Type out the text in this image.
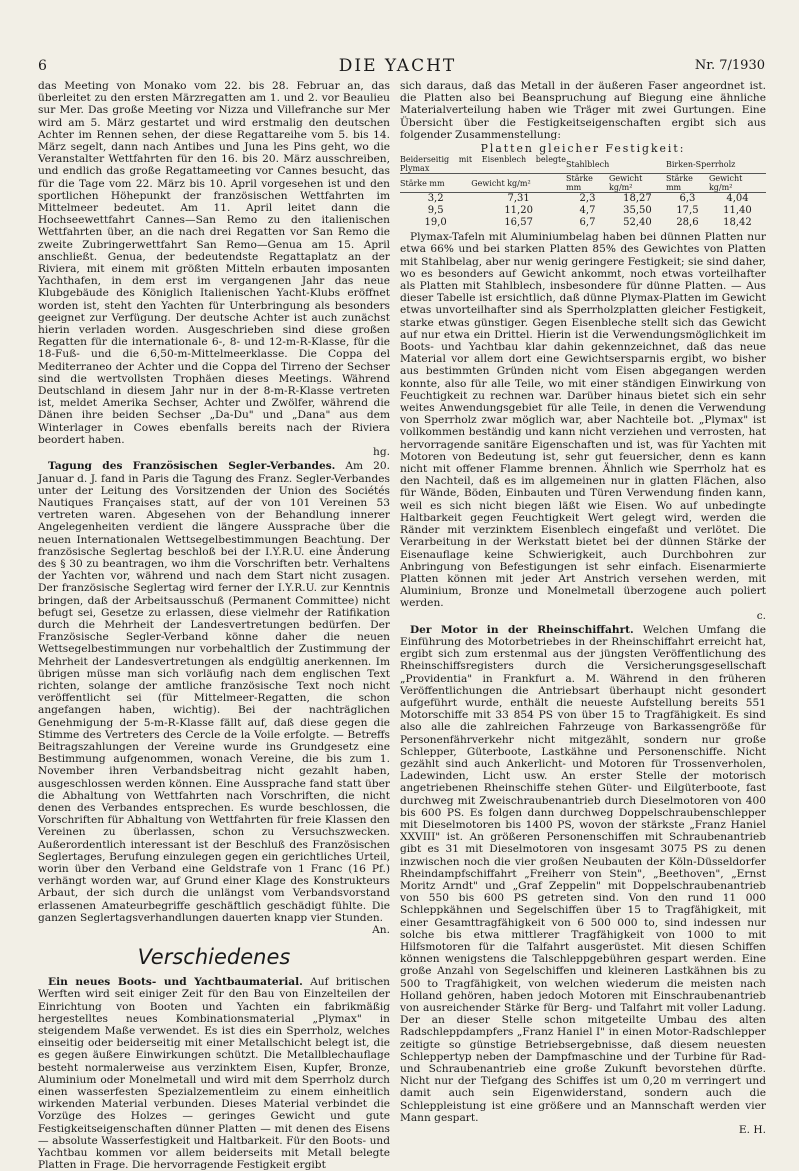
6	DIE YACHT	Nr. 7/1930

das Meeting von Monako vom 22. bis 28. Februar an, das überleitet zu den ersten Märzregatten am 1. und 2. vor Beaulieu sur Mer. Das große Meeting vor Nizza und Villefranche sur Mer wird am 5. März gestartet und wird erstmalig den deutschen Achter im Rennen sehen, der diese Regattareihe vom 5. bis 14. März segelt, dann nach Antibes und Juna les Pins geht, wo die Veranstalter Wettfahrten für den 16. bis 20. März ausschreiben, und endlich das große Regattameeting vor Cannes besucht, das für die Tage vom 22. März bis 10. April vorgesehen ist und den sportlichen Höhepunkt der französischen Wettfahrten im Mittelmeer bedeutet. Am 11. April leitet dann die Hochseewettfahrt Cannes—San Remo zu den italienischen Wettfahrten über, an die nach drei Regatten vor San Remo die zweite Zubringerwettfahrt San Remo—Genua am 15. April anschließt. Genua, der bedeutendste Regattaplatz an der Riviera, mit einem mit größten Mitteln erbauten imposanten Yachthafen, in dem erst im vergangenen Jahr das neue Klubgebäude des Königlich Italienischen Yacht-Klubs eröffnet worden ist, steht den Yachten für Unterbringung als besonders geeignet zur Verfügung. Der deutsche Achter ist auch zunächst hierin verladen worden. Ausgeschrieben sind diese großen Regatten für die internationale 6-, 8- und 12-m-R-Klasse, für die 18-Fuß- und die 6,50-m-Mittelmeerklasse. Die Coppa del Mediterraneo der Achter und die Coppa del Tirreno der Sechser sind die wertvollsten Trophäen dieses Meetings. Während Deutschland in diesem Jahr nur in der 8-m-R-Klasse vertreten ist, meldet Amerika Sechser, Achter und Zwölfer, während die Dänen ihre beiden Sechser „Da-Du" und „Dana" aus dem Winterlager in Cowes ebenfalls bereits nach der Riviera beordert haben.
hg.

Tagung des Französischen Segler-Verbandes. Am 20. Januar d. J. fand in Paris die Tagung des Franz. Segler-Verbandes unter der Leitung des Vorsitzenden der Union des Sociétés Nautiques Françaises statt, auf der von 101 Vereinen 53 vertreten waren. Abgesehen von der Behandlung innerer Angelegenheiten verdient die längere Aussprache über die neuen Internationalen Wettsegelbestimmungen Beachtung. Der französische Seglertag beschloß bei der I.Y.R.U. eine Änderung des § 30 zu beantragen, wo ihm die Vorschriften betr. Verhaltens der Yachten vor, während und nach dem Start nicht zusagen. Der französische Seglertag wird ferner der I.Y.R.U. zur Kenntnis bringen, daß der Arbeitsausschuß (Permanent Committee) nicht befugt sei, Gesetze zu erlassen, diese vielmehr der Ratifikation durch die Mehrheit der Landesvertretungen bedürfen. Der Französische Segler-Verband könne daher die neuen Wettsegelbestimmungen nur vorbehaltlich der Zustimmung der Mehrheit der Landesvertretungen als endgültig anerkennen. Im übrigen müsse man sich vorläufig nach dem englischen Text richten, solange der amtliche französische Text noch nicht veröffentlicht sei (für Mittelmeer-Regatten, die schon angefangen haben, wichtig). Bei der nachträglichen Genehmigung der 5-m-R-Klasse fällt auf, daß diese gegen die Stimme des Vertreters des Cercle de la Voile erfolgte. — Betreffs Beitragszahlungen der Vereine wurde ins Grundgesetz eine Bestimmung aufgenommen, wonach Vereine, die bis zum 1. November ihren Verbandsbeitrag nicht gezahlt haben, ausgeschlossen werden können. Eine Aussprache fand statt über die Abhaltung von Wettfahrten nach Vorschriften, die nicht denen des Verbandes entsprechen. Es wurde beschlossen, die Vorschriften für Abhaltung von Wettfahrten für freie Klassen den Vereinen zu überlassen, schon zu Versuchszwecken. Außerordentlich interessant ist der Beschluß des Französischen Seglertages, Berufung einzulegen gegen ein gerichtliches Urteil, worin über den Verband eine Geldstrafe von 1 Franc (16 Pf.) verhängt worden war, auf Grund einer Klage des Konstrukteurs Arbaut, der sich durch die unlängst vom Verbandsvorstand erlassenen Amateurbegriffe geschäftlich geschädigt fühlte. Die ganzen Seglertagsverhandlungen dauerten knapp vier Stunden.
An.

Verschiedenes

Ein neues Boots- und Yachtbaumaterial. Auf britischen Werften wird seit einiger Zeit für den Bau von Einzelteilen der Einrichtung von Booten und Yachten ein fabrikmäßig hergestelltes neues Kombinationsmaterial „Plymax" in steigendem Maße verwendet. Es ist dies ein Sperrholz, welches einseitig oder beiderseitig mit einer Metallschicht belegt ist, die es gegen äußere Einwirkungen schützt. Die Metallblechauflage besteht normalerweise aus verzinktem Eisen, Kupfer, Bronze, Aluminium oder Monelmetall und wird mit dem Sperrholz durch einen wasserfesten Spezialzementleim zu einem einheitlich wirkenden Material verbunden. Dieses Material verbindet die Vorzüge des Holzes — geringes Gewicht und gute Festigkeitseigenschaften dünner Platten — mit denen des Eisens — absolute Wasserfestigkeit und Haltbarkeit. Für den Boots- und Yachtbau kommen vor allem beiderseits mit Metall belegte Platten in Frage. Die hervorragende Festigkeit ergibt

sich daraus, daß das Metall in der äußeren Faser angeordnet ist. die Platten also bei Beanspruchung auf Biegung eine ähnliche Materialverteilung haben wie Träger mit zwei Gurtungen. Eine Übersicht über die Festigkeitseigenschaften ergibt sich aus folgender Zusammenstellung:

Platten gleicher Festigkeit:
Beiderseitig mit Eisenblech belegte Plymax		Stahlblech		Birken-Sperrholz	
Stärke mm	Gewicht kg/m²	Stärke mm	Gewicht kg/m²	Stärke mm	Gewicht kg/m²
3,2	7,31	2,3	18,27	6,3	4,04
9,5	11,20	4,7	35,50	17,5	11,40
19,0	16,57	6,7	52,40	28,6	18,42

Plymax-Tafeln mit Aluminiumbelag haben bei dünnen Platten nur etwa 66% und bei starken Platten 85% des Gewichtes von Platten mit Stahlbelag, aber nur wenig geringere Festigkeit; sie sind daher, wo es besonders auf Gewicht ankommt, noch etwas vorteilhafter als Platten mit Stahlblech, insbesondere für dünne Platten. — Aus dieser Tabelle ist ersichtlich, daß dünne Plymax-Platten im Gewicht etwas unvorteilhafter sind als Sperrholzplatten gleicher Festigkeit, starke etwas günstiger. Gegen Eisenbleche stellt sich das Gewicht auf nur etwa ein Drittel. Hierin ist die Verwendungsmöglichkeit im Boots- und Yachtbau klar dahin gekennzeichnet, daß das neue Material vor allem dort eine Gewichtsersparnis ergibt, wo bisher aus bestimmten Gründen nicht vom Eisen abgegangen werden konnte, also für alle Teile, wo mit einer ständigen Einwirkung von Feuchtigkeit zu rechnen war. Darüber hinaus bietet sich ein sehr weites Anwendungsgebiet für alle Teile, in denen die Verwendung von Sperrholz zwar möglich war, aber Nachteile bot. „Plymax" ist vollkommen beständig und kann nicht verziehen und verrosten, hat hervorragende sanitäre Eigenschaften und ist, was für Yachten mit Motoren von Bedeutung ist, sehr gut feuersicher, denn es kann nicht mit offener Flamme brennen. Ähnlich wie Sperrholz hat es den Nachteil, daß es im allgemeinen nur in glatten Flächen, also für Wände, Böden, Einbauten und Türen Verwendung finden kann, weil es sich nicht biegen läßt wie Eisen. Wo auf unbedingte Haltbarkeit gegen Feuchtigkeit Wert gelegt wird, werden die Ränder mit verzinktem Eisenblech eingefaßt und verlötet. Die Verarbeitung in der Werkstatt bietet bei der dünnen Stärke der Eisenauflage keine Schwierigkeit, auch Durchbohren zur Anbringung von Befestigungen ist sehr einfach. Eisenarmierte Platten können mit jeder Art Anstrich versehen werden, mit Aluminium, Bronze und Monelmetall überzogene auch poliert werden.
c.

Der Motor in der Rheinschiffahrt. Welchen Umfang die Einführung des Motorbetriebes in der Rheinschiffahrt erreicht hat, ergibt sich zum erstenmal aus der jüngsten Veröffentlichung des Rheinschiffsregisters durch die Versicherungsgesellschaft „Providentia" in Frankfurt a. M. Während in den früheren Veröffentlichungen die Antriebsart überhaupt nicht gesondert aufgeführt wurde, enthält die neueste Aufstellung bereits 551 Motorschiffe mit 33 854 PS von über 15 to Tragfähigkeit. Es sind also alle die zahlreichen Fahrzeuge von Barkassengröße für Personenfährverkehr nicht mitgezählt, sondern nur große Schlepper, Güterboote, Lastkähne und Personenschiffe. Nicht gezählt sind auch Ankerlicht- und Motoren für Trossenverholen, Ladewinden, Licht usw. An erster Stelle der motorisch angetriebenen Rheinschiffe stehen Güter- und Eilgüterboote, fast durchweg mit Zweischraubenantrieb durch Dieselmotoren von 400 bis 600 PS. Es folgen dann durchweg Doppelschraubenschlepper mit Dieselmotoren bis 1400 PS, wovon der stärkste „Franz Haniel XXVIII" ist. An größeren Personenschiffen mit Schraubenantrieb gibt es 31 mit Dieselmotoren von insgesamt 3075 PS zu denen inzwischen noch die vier großen Neubauten der Köln-Düsseldorfer Rheindampfschiffahrt „Freiherr von Stein", „Beethoven", „Ernst Moritz Arndt" und „Graf Zeppelin" mit Doppelschraubenantrieb von 550 bis 600 PS getreten sind. Von den rund 11 000 Schleppkähnen und Segelschiffen über 15 to Tragfähigkeit, mit einer Gesamttragfähigkeit von 6 500 000 to, sind indessen nur solche bis etwa mittlerer Tragfähigkeit von 1000 to mit Hilfsmotoren für die Talfahrt ausgerüstet. Mit diesen Schiffen können wenigstens die Talschleppgebühren gespart werden. Eine große Anzahl von Segelschiffen und kleineren Lastkähnen bis zu 500 to Tragfähigkeit, von welchen wiederum die meisten nach Holland gehören, haben jedoch Motoren mit Einschraubenantrieb von ausreichender Stärke für Berg- und Talfahrt mit voller Ladung. Der an dieser Stelle schon mitgeteilte Umbau des alten Radschleppdampfers „Franz Haniel I" in einen Motor-Radschlepper zeitigte so günstige Betriebsergebnisse, daß diesem neuesten Schleppertyp neben der Dampfmaschine und der Turbine für Rad- und Schraubenantrieb eine große Zukunft bevorstehen dürfte. Nicht nur der Tiefgang des Schiffes ist um 0,20 m verringert und damit auch sein Eigenwiderstand, sondern auch die Schleppleistung ist eine größere und an Mannschaft werden vier Mann gespart.
E. H.
